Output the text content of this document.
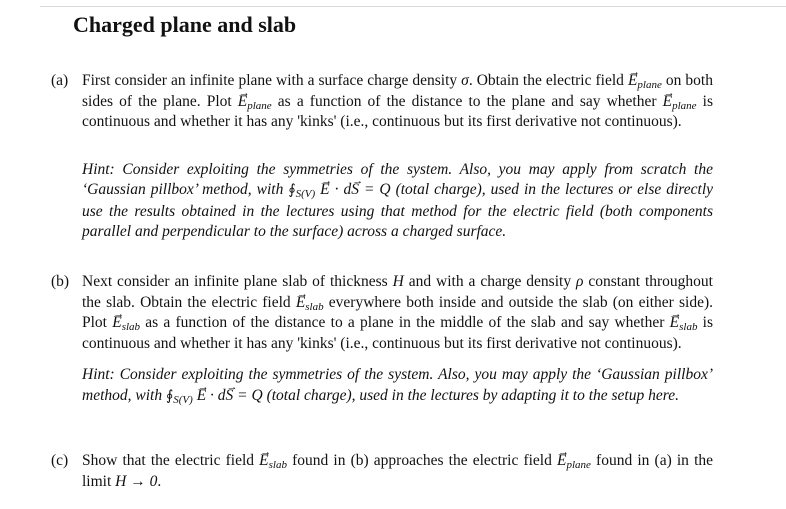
Charged plane and slab
(a) First consider an infinite plane with a surface charge density σ. Obtain the electric field → $E_{plane}$ on both sides of the plane. Plot → $E_{plane}$ as a function of the distance to the plane and say whether → $E_{plane}$ is continuous and whether it has any 'kinks' (i.e., continuous but its first derivative not continuous).

Hint: Consider exploiting the symmetries of the system. Also, you may apply from scratch the ‘Gaussian pillbox’ method, with $∮_{S(V)} \to E \cdot d\to S = Q$ (total charge), used in the lectures or else directly use the results obtained in the lectures using that method for the electric field (both components parallel and perpendicular to the surface) across a charged surface.

(b) Next consider an infinite plane slab of thickness H and with a charge density ρ constant throughout the slab. Obtain the electric field → $E_{slab}$ everywhere both inside and outside the slab (on either side). Plot → $E_{slab}$ as a function of the distance to a plane in the middle of the slab and say whether → $E_{slab}$ is continuous and whether it has any 'kinks' (i.e., continuous but its first derivative not continuous).

Hint: Consider exploiting the symmetries of the system. Also, you may apply the ‘Gaussian pillbox’ method, with $∮_{S(V)} \to E \cdot d\to S = Q$ (total charge), used in the lectures by adapting it to the setup here.

(c) Show that the electric field → $E_{slab}$ found in (b) approaches the electric field → $E_{plane}$ found in (a) in the limit H → 0.
